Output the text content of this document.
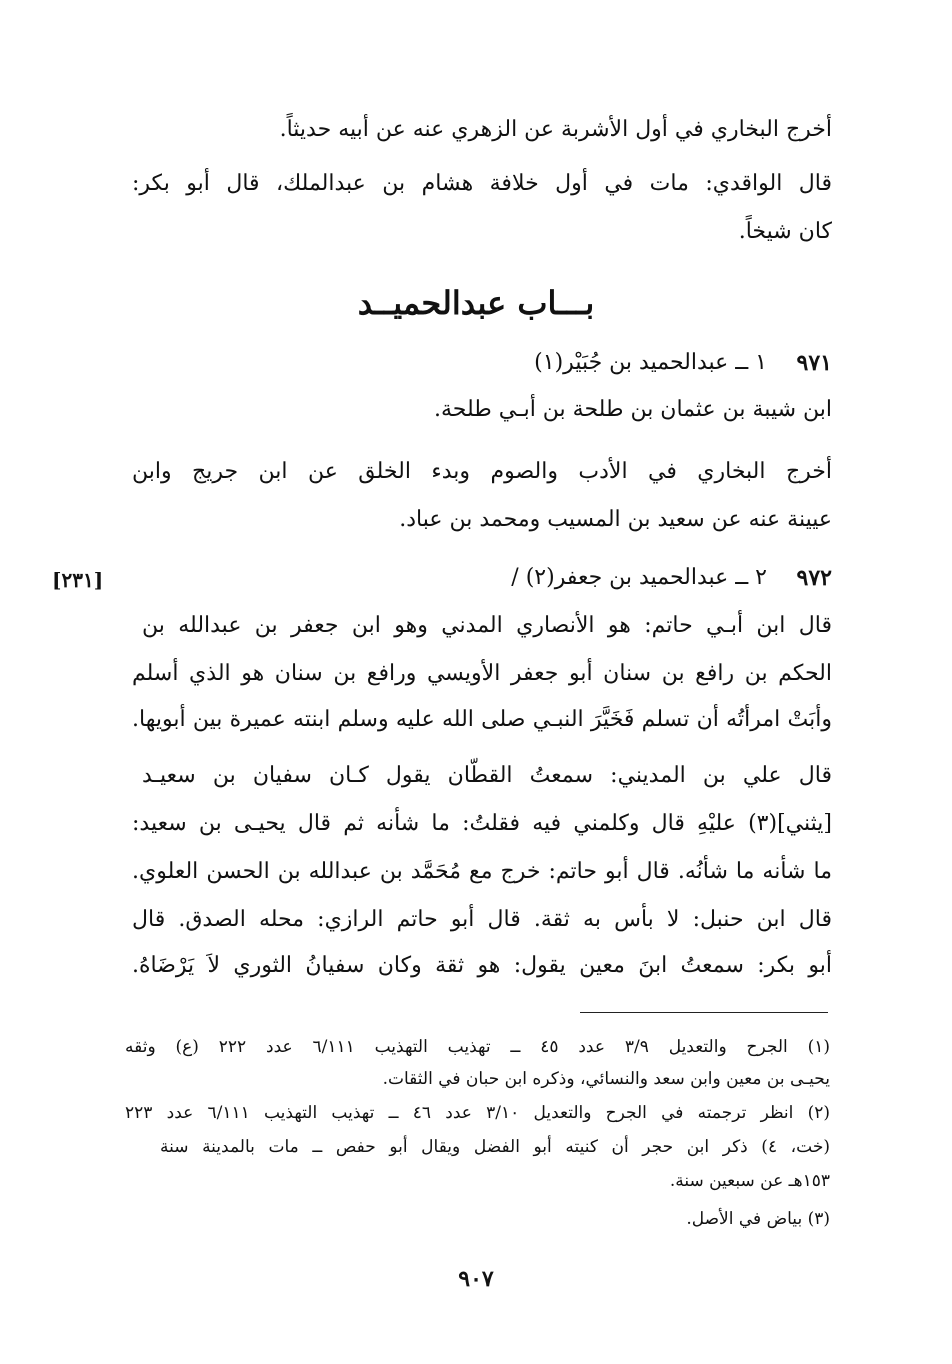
أخرج البخاري في أول الأشربة عن الزهري عنه عن أبيه حديثاً.
قال الواقدي: مات في أول خلافة هشام بن عبدالملك، قال أبو بكر:
كان شيخاً.
بـــاب عبدالحميــد
٩٧١
١ ــ عبدالحميد بن جُبَيْر(١)
ابن شيبة بن عثمان بن طلحة بن أبـي طلحة.
أخرج البخاري في الأدب والصوم وبدء الخلق عن ابن جريج وابن
عيينة عنه عن سعيد بن المسيب ومحمد بن عباد.
[٢٣١]	٩٧٢
٢ ــ عبدالحميد بن جعفر(٢) /
قال ابن أبـي حاتم: هو الأنصاري المدني وهو ابن جعفر بن عبدالله بن
الحكم بن رافع بن سنان أبو جعفر الأويسي ورافع بن سنان هو الذي أسلم
وأبَتْ امرأتُه أن تسلم فَخَيَّرَ النبـي صلى الله عليه وسلم ابنته عميرة بين أبويها.
قال علي بن المديني: سمعتُ القطّان يقول كـان سفيان بن سعيـد
[يثني](٣) عليْهِ قال وكلمني فيه فقلتُ: ما شأنه ثم قال يحيـى بن سعيد:
ما شأنه ما شأنُه. قال أبو حاتم: خرج مع مُحَمَّد بن عبدالله بن الحسن العلوي.
قال ابن حنبل: لا بأس به ثقة. قال أبو حاتم الرازي: محله الصدق. قال
أبو بكر: سمعتُ ابنَ معين يقول: هو ثقة وكان سفيانُ الثوري لاَ يَرْضَاهُ.
(١) الجرح والتعديل ٣/٩ عدد ٤٥ ــ تهذيب التهذيب ٦/١١١ عدد ٢٢٢ (ع) وثقه
يحيـى بن معين وابن سعد والنسائي، وذكره ابن حبان في الثقات.
(٢) انظر ترجمته في الجرح والتعديل ٣/١٠ عدد ٤٦ ــ تهذيب التهذيب ٦/١١١ عدد ٢٢٣
(خت، ٤) ذكر ابن حجر أن كنيته أبو الفضل ويقال أبو حفص ــ مات بالمدينة سنة
١٥٣هـ عن سبعين سنة.
(٣) بياض في الأصل.
٩٠٧
